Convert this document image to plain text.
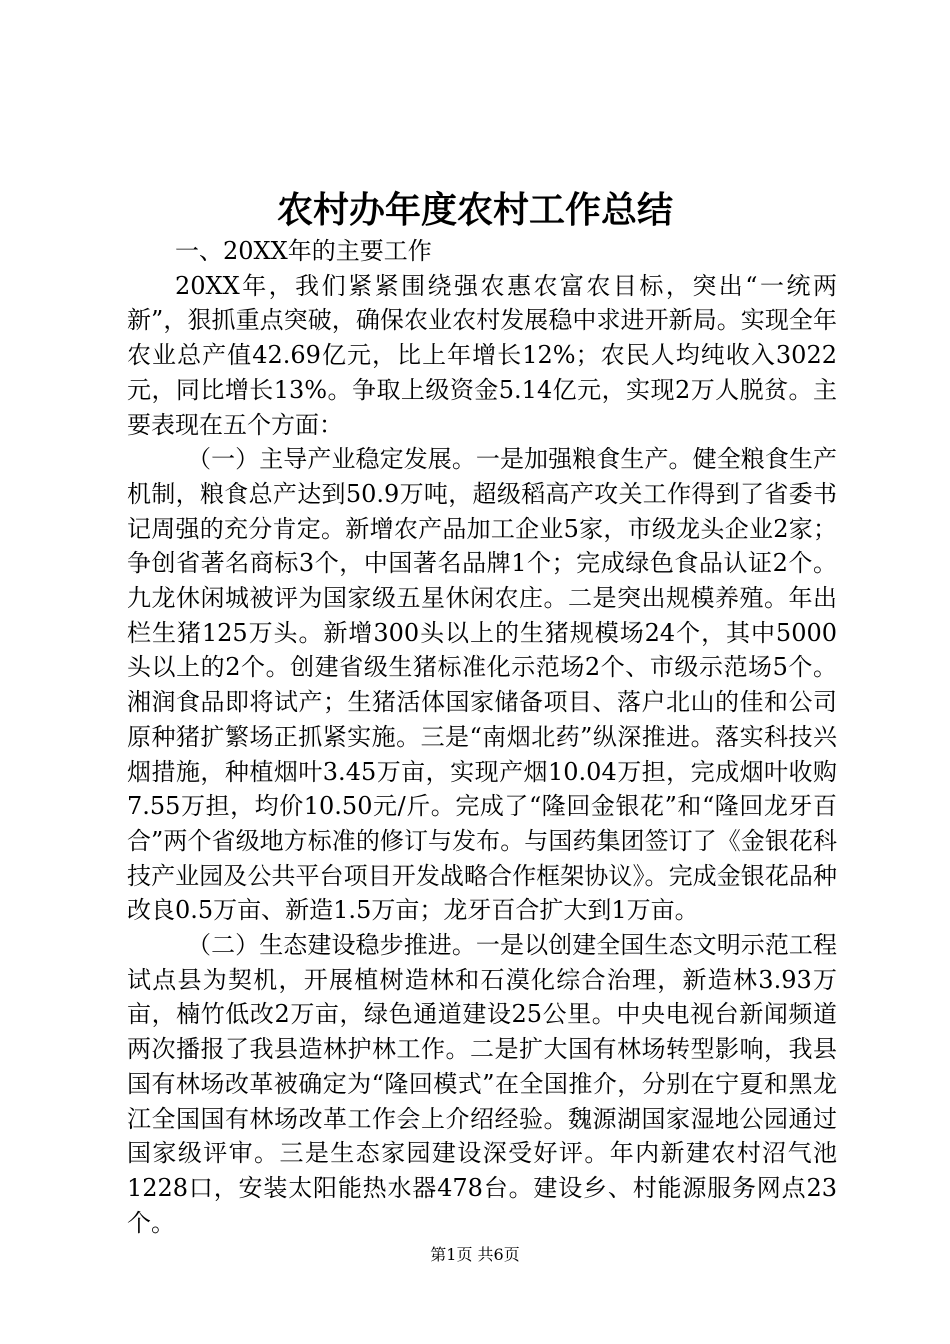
农村办年度农村工作总结

一、20XX年的主要工作

20XX年，我们紧紧围绕强农惠农富农目标，突出“一统两新”，狠抓重点突破，确保农业农村发展稳中求进开新局。实现全年农业总产值42.69亿元，比上年增长12%；农民人均纯收入3022元，同比增长13%。争取上级资金5.14亿元，实现2万人脱贫。主要表现在五个方面：

（一）主导产业稳定发展。一是加强粮食生产。健全粮食生产机制，粮食总产达到50.9万吨，超级稻高产攻关工作得到了省委书记周强的充分肯定。新增农产品加工企业5家，市级龙头企业2家；争创省著名商标3个，中国著名品牌1个；完成绿色食品认证2个。九龙休闲城被评为国家级五星休闲农庄。二是突出规模养殖。年出栏生猪125万头。新增300头以上的生猪规模场24个，其中5000头以上的2个。创建省级生猪标准化示范场2个、市级示范场5个。湘润食品即将试产；生猪活体国家储备项目、落户北山的佳和公司原种猪扩繁场正抓紧实施。三是“南烟北药”纵深推进。落实科技兴烟措施，种植烟叶3.45万亩，实现产烟10.04万担，完成烟叶收购7.55万担，均价10.50元/斤。完成了“隆回金银花”和“隆回龙牙百合”两个省级地方标准的修订与发布。与国药集团签订了《金银花科技产业园及公共平台项目开发战略合作框架协议》。完成金银花品种改良0.5万亩、新造1.5万亩；龙牙百合扩大到1万亩。

（二）生态建设稳步推进。一是以创建全国生态文明示范工程试点县为契机，开展植树造林和石漠化综合治理，新造林3.93万亩，楠竹低改2万亩，绿色通道建设25公里。中央电视台新闻频道两次播报了我县造林护林工作。二是扩大国有林场转型影响，我县国有林场改革被确定为“隆回模式”在全国推介，分别在宁夏和黑龙江全国国有林场改革工作会上介绍经验。魏源湖国家湿地公园通过国家级评审。三是生态家园建设深受好评。年内新建农村沼气池1228口，安装太阳能热水器478台。建设乡、村能源服务网点23个。

第1页 共6页
